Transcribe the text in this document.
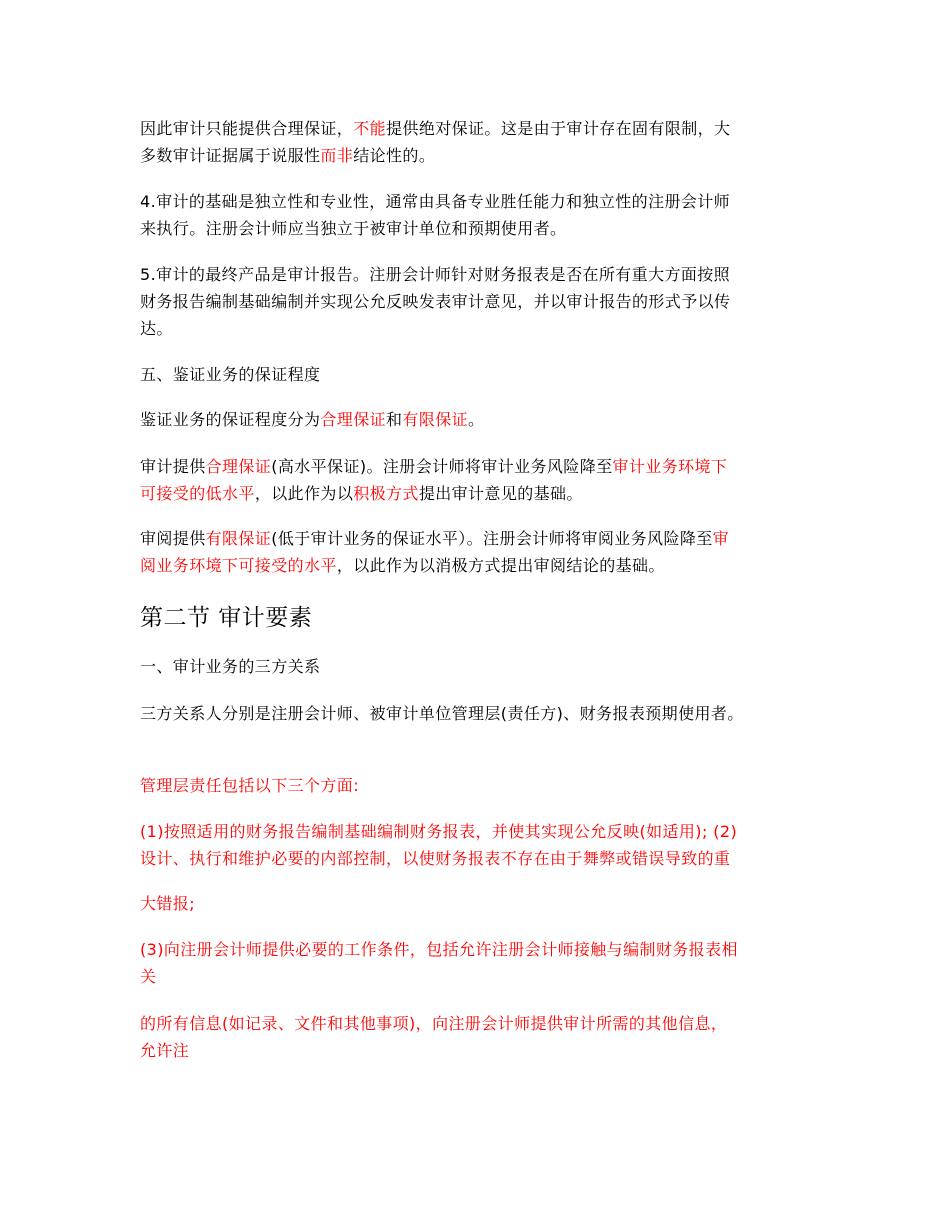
因此审计只能提供合理保证，不能提供绝对保证。这是由于审计存在固有限制，大
多数审计证据属于说服性而非结论性的。
4.审计的基础是独立性和专业性，通常由具备专业胜任能力和独立性的注册会计师
来执行。注册会计师应当独立于被审计单位和预期使用者。
5.审计的最终产品是审计报告。注册会计师针对财务报表是否在所有重大方面按照
财务报告编制基础编制并实现公允反映发表审计意见，并以审计报告的形式予以传
达。
五、鉴证业务的保证程度
鉴证业务的保证程度分为合理保证和有限保证。
审计提供合理保证(高水平保证)。注册会计师将审计业务风险降至审计业务环境下
可接受的低水平，以此作为以积极方式提出审计意见的基础。
审阅提供有限保证(低于审计业务的保证水平）。注册会计师将审阅业务风险降至审
阅业务环境下可接受的水平，以此作为以消极方式提出审阅结论的基础。
第二节 审计要素
一、审计业务的三方关系
三方关系人分别是注册会计师、被审计单位管理层(责任方)、财务报表预期使用者。
管理层责任包括以下三个方面:
(1)按照适用的财务报告编制基础编制财务报表，并使其实现公允反映(如适用); (2)
设计、执行和维护必要的内部控制，以使财务报表不存在由于舞弊或错误导致的重
大错报;
(3)向注册会计师提供必要的工作条件，包括允许注册会计师接触与编制财务报表相
关
的所有信息(如记录、文件和其他事项)，向注册会计师提供审计所需的其他信息，
允许注
